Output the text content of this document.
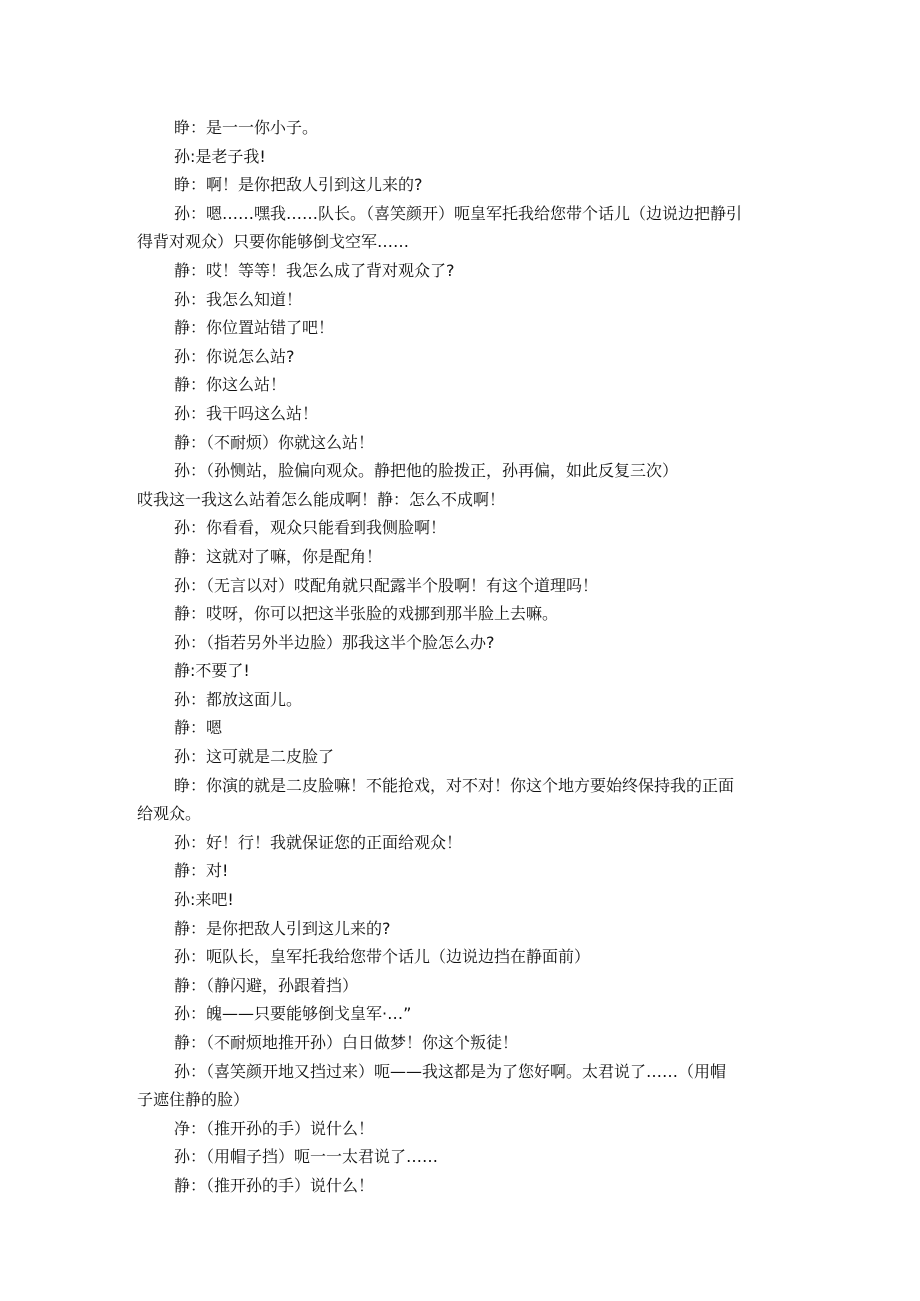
睁：是一一你小子。
孙:是老子我!
睁：啊！是你把敌人引到这儿来的?
孙：嗯……嘿我……队长。（喜笑颜开）呃皇军托我给您带个话儿（边说边把静引
得背对观众）只要你能够倒戈空军……
静：哎！等等！我怎么成了背对观众了?
孙：我怎么知道！
静：你位置站错了吧！
孙：你说怎么站?
静：你这么站！
孙：我干吗这么站！
静：（不耐烦）你就这么站！
孙：（孙恻站，脸偏向观众。静把他的脸拨正，孙再偏，如此反复三次）
哎我这一我这么站着怎么能成啊！静：怎么不成啊！
孙：你看看，观众只能看到我侧脸啊！
静：这就对了嘛，你是配角！
孙：（无言以对）哎配角就只配露半个股啊！有这个道理吗！
静：哎呀，你可以把这半张脸的戏挪到那半脸上去嘛。
孙：（指若另外半边脸）那我这半个脸怎么办?
静:不要了!
孙：都放这面儿。
静：嗯
孙：这可就是二皮脸了
睁：你演的就是二皮脸嘛！不能抢戏，对不对！你这个地方要始终保持我的正面
给观众。
孙：好！行！我就保证您的正面给观众！
静：对!
孙:来吧!
静：是你把敌人引到这儿来的?
孙：呃队长，皇军托我给您带个话儿（边说边挡在静面前）
静：（静闪避，孙跟着挡）
孙：魄——只要能够倒戈皇军·…”
静：（不耐烦地推开孙）白日做梦！你这个叛徒！
孙：（喜笑颜开地又挡过来）呃——我这都是为了您好啊。太君说了……（用帽
子遮住静的脸）
净：（推开孙的手）说什么！
孙：（用帽子挡）呃一一太君说了……
静：（推开孙的手）说什么！
